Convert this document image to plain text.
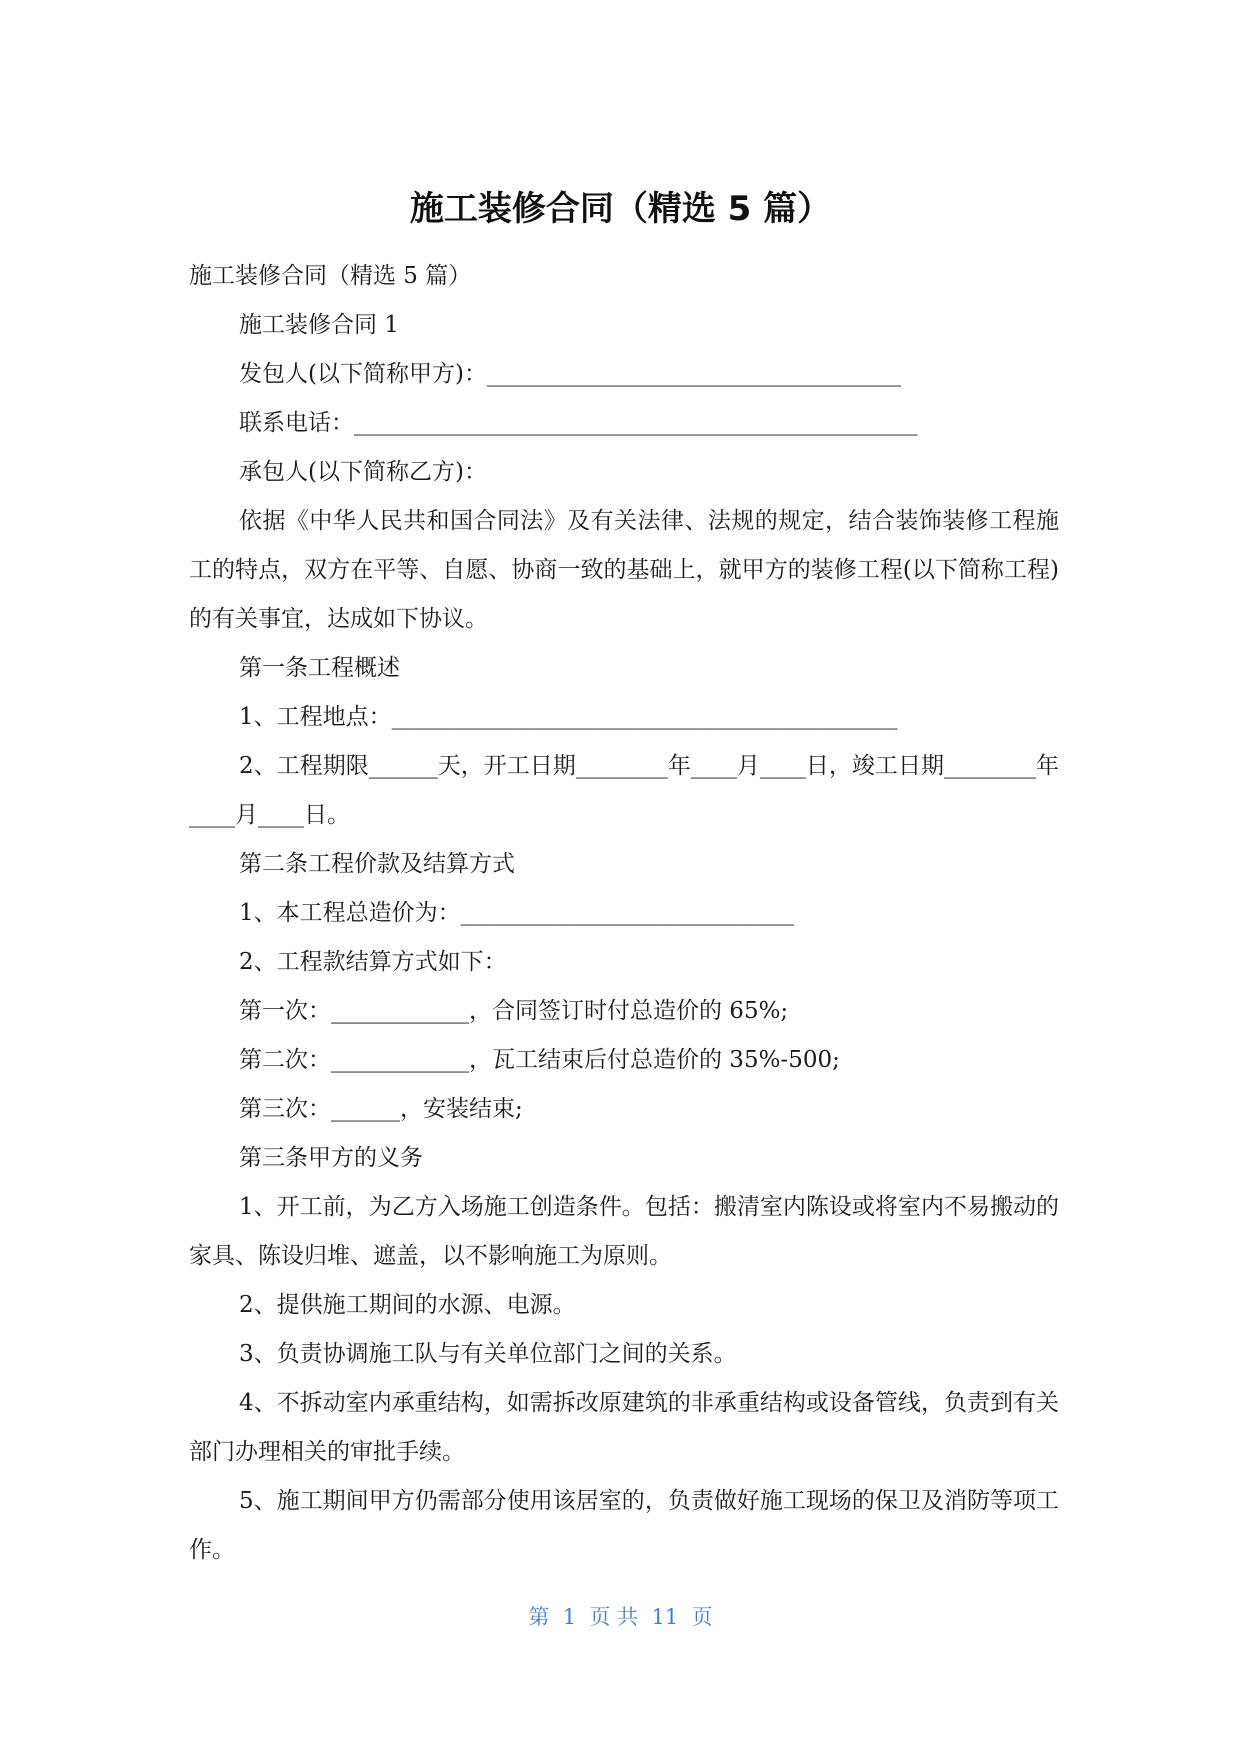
施工装修合同（精选 5 篇）

施工装修合同（精选 5 篇）

施工装修合同 1

发包人(以下简称甲方)：____________________________________

联系电话：_________________________________________________

承包人(以下简称乙方)：

依据《中华人民共和国合同法》及有关法律、法规的规定，结合装饰装修工程施工的特点，双方在平等、自愿、协商一致的基础上，就甲方的装修工程(以下简称工程)的有关事宜，达成如下协议。

第一条工程概述

1、工程地点：____________________________________________

2、工程期限______天，开工日期________年____月____日，竣工日期________年____月____日。

第二条工程价款及结算方式

1、本工程总造价为：_____________________________

2、工程款结算方式如下：

第一次：____________，合同签订时付总造价的 65%;

第二次：____________，瓦工结束后付总造价的 35%-500;

第三次：______，安装结束;

第三条甲方的义务

1、开工前，为乙方入场施工创造条件。包括：搬清室内陈设或将室内不易搬动的家具、陈设归堆、遮盖，以不影响施工为原则。

2、提供施工期间的水源、电源。

3、负责协调施工队与有关单位部门之间的关系。

4、不拆动室内承重结构，如需拆改原建筑的非承重结构或设备管线，负责到有关部门办理相关的审批手续。

5、施工期间甲方仍需部分使用该居室的，负责做好施工现场的保卫及消防等项工作。

第  1  页 共  11  页
